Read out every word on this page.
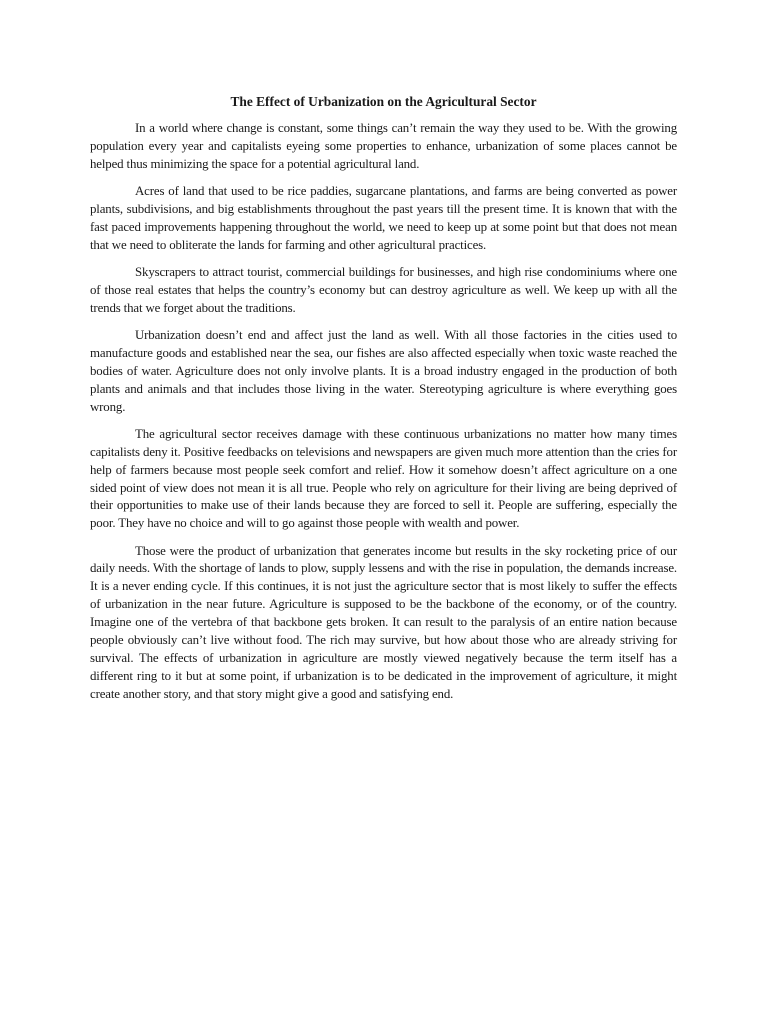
The Effect of Urbanization on the Agricultural Sector

In a world where change is constant, some things can’t remain the way they used to be. With the growing population every year and capitalists eyeing some properties to enhance, urbanization of some places cannot be helped thus minimizing the space for a potential agricultural land.

Acres of land that used to be rice paddies, sugarcane plantations, and farms are being converted as power plants, subdivisions, and big establishments throughout the past years till the present time. It is known that with the fast paced improvements happening throughout the world, we need to keep up at some point but that does not mean that we need to obliterate the lands for farming and other agricultural practices.

Skyscrapers to attract tourist, commercial buildings for businesses, and high rise condominiums where one of those real estates that helps the country’s economy but can destroy agriculture as well. We keep up with all the trends that we forget about the traditions.

Urbanization doesn’t end and affect just the land as well. With all those factories in the cities used to manufacture goods and established near the sea, our fishes are also affected especially when toxic waste reached the bodies of water. Agriculture does not only involve plants. It is a broad industry engaged in the production of both plants and animals and that includes those living in the water. Stereotyping agriculture is where everything goes wrong.

The agricultural sector receives damage with these continuous urbanizations no matter how many times capitalists deny it. Positive feedbacks on televisions and newspapers are given much more attention than the cries for help of farmers because most people seek comfort and relief. How it somehow doesn’t affect agriculture on a one sided point of view does not mean it is all true. People who rely on agriculture for their living are being deprived of their opportunities to make use of their lands because they are forced to sell it. People are suffering, especially the poor. They have no choice and will to go against those people with wealth and power.

Those were the product of urbanization that generates income but results in the sky rocketing price of our daily needs. With the shortage of lands to plow, supply lessens and with the rise in population, the demands increase. It is a never ending cycle. If this continues, it is not just the agriculture sector that is most likely to suffer the effects of urbanization in the near future. Agriculture is supposed to be the backbone of the economy, or of the country. Imagine one of the vertebra of that backbone gets broken. It can result to the paralysis of an entire nation because people obviously can’t live without food. The rich may survive, but how about those who are already striving for survival. The effects of urbanization in agriculture are mostly viewed negatively because the term itself has a different ring to it but at some point, if urbanization is to be dedicated in the improvement of agriculture, it might create another story, and that story might give a good and satisfying end.
